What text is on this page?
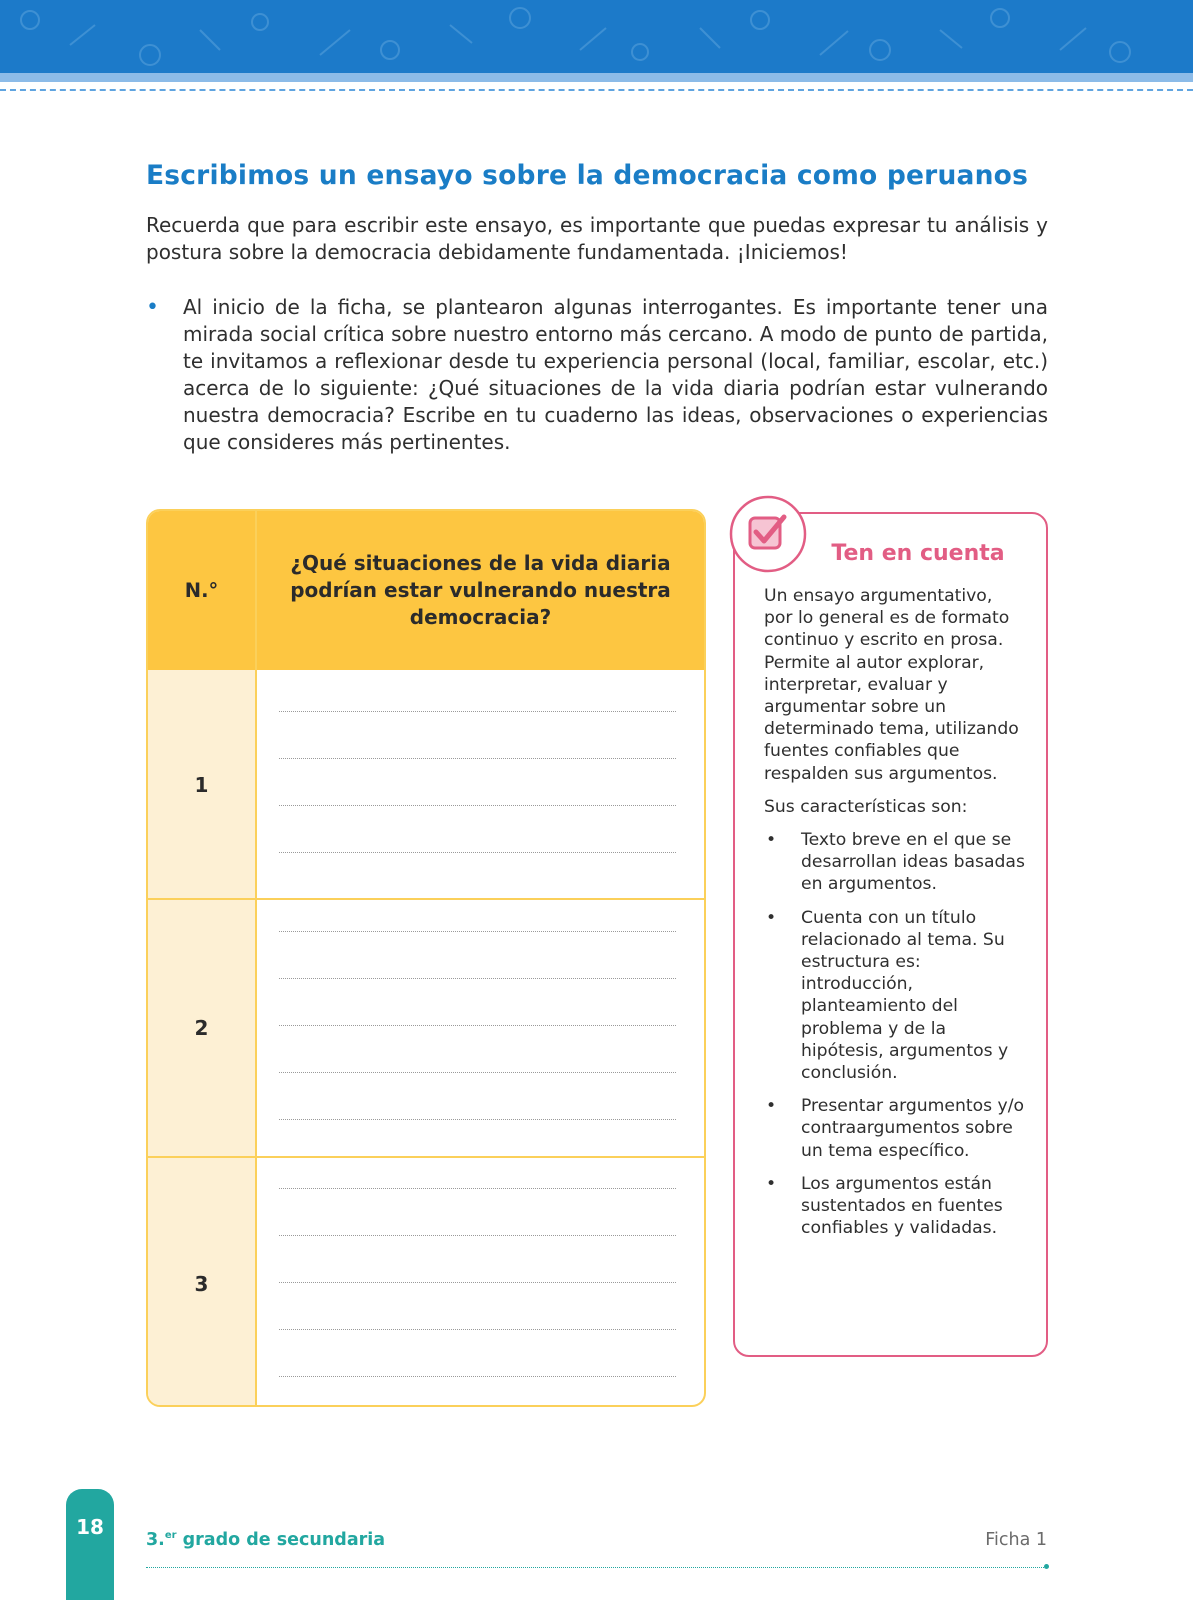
Escribimos un ensayo sobre la democracia como peruanos

Recuerda que para escribir este ensayo, es importante que puedas expresar tu análisis y postura sobre la democracia debidamente fundamentada. ¡Iniciemos!

• Al inicio de la ficha, se plantearon algunas interrogantes. Es importante tener una mirada social crítica sobre nuestro entorno más cercano. A modo de punto de partida, te invitamos a reflexionar desde tu experiencia personal (local, familiar, escolar, etc.) acerca de lo siguiente: ¿Qué situaciones de la vida diaria podrían estar vulnerando nuestra democracia? Escribe en tu cuaderno las ideas, observaciones o experiencias que consideres más pertinentes.

N.°
¿Qué situaciones de la vida diaria podrían estar vulnerando nuestra democracia?
1
2
3
Ten en cuenta

Un ensayo argumentativo, por lo general es de formato continuo y escrito en prosa. Permite al autor explorar, interpretar, evaluar y argumentar sobre un determinado tema, utilizando fuentes confiables que respalden sus argumentos.

Sus características son:

• Texto breve en el que se desarrollan ideas basadas en argumentos.
• Cuenta con un título relacionado al tema. Su estructura es: introducción, planteamiento del problema y de la hipótesis, argumentos y conclusión.
• Presentar argumentos y/o contraargumentos sobre un tema específico.
• Los argumentos están sustentados en fuentes confiables y validadas.
18
3.$^{er}$ grado de secundaria	Ficha 1
